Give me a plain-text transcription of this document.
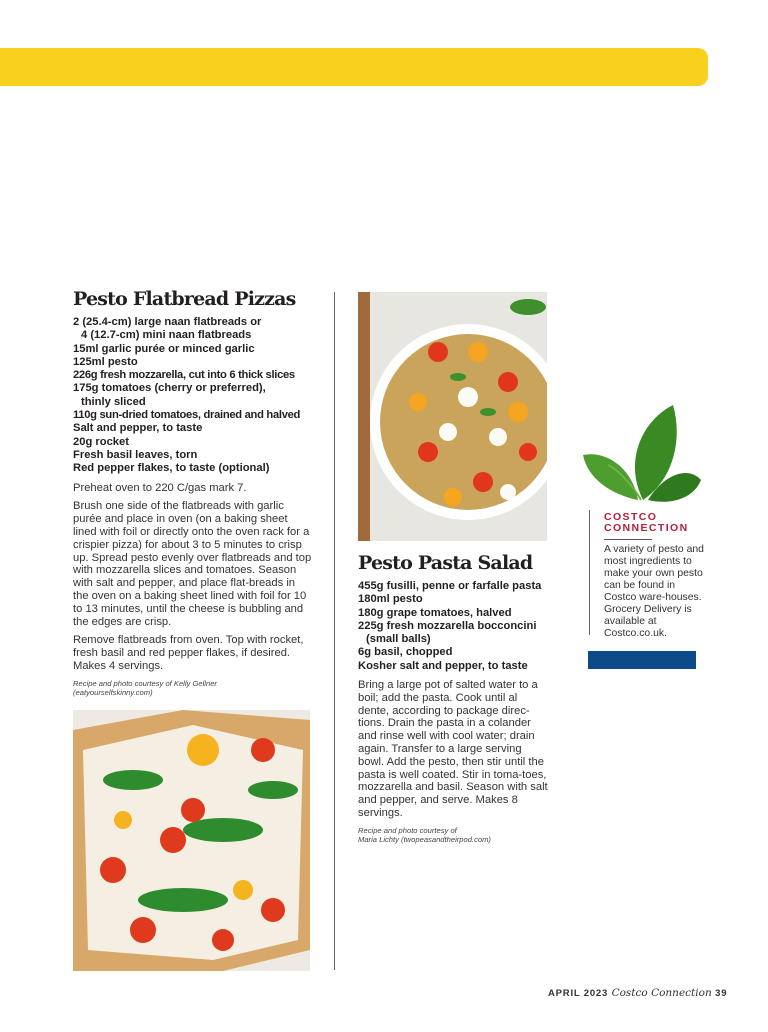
Pesto Flatbread Pizzas
2 (25.4-cm) large naan flatbreads or
4 (12.7-cm) mini naan flatbreads
15ml garlic purée or minced garlic
125ml pesto
226g fresh mozzarella, cut into 6 thick slices
175g tomatoes (cherry or preferred),
thinly sliced
110g sun-dried tomatoes, drained and halved
Salt and pepper, to taste
20g rocket
Fresh basil leaves, torn
Red pepper flakes, to taste (optional)

Preheat oven to 220 C/gas mark 7.

Brush one side of the flatbreads with garlic purée and place in oven (on a baking sheet lined with foil or directly onto the oven rack for a crispier pizza) for about 3 to 5 minutes to crisp up. Spread pesto evenly over flatbreads and top with mozzarella slices and tomatoes. Season with salt and pepper, and place flat-breads in the oven on a baking sheet lined with foil for 10 to 13 minutes, until the cheese is bubbling and the edges are crisp.

Remove flatbreads from oven. Top with rocket, fresh basil and red pepper flakes, if desired. Makes 4 servings.

Recipe and photo courtesy of Kelly Gellner
(eatyourselfskinny.com)
Pesto Pasta Salad
455g fusilli, penne or farfalle pasta
180ml pesto
180g grape tomatoes, halved
225g fresh mozzarella bocconcini
(small balls)
6g basil, chopped
Kosher salt and pepper, to taste

Bring a large pot of salted water to a boil; add the pasta. Cook until al dente, according to package direc-tions. Drain the pasta in a colander and rinse well with cool water; drain again. Transfer to a large serving bowl. Add the pesto, then stir until the pasta is well coated. Stir in toma-toes, mozzarella and basil. Season with salt and pepper, and serve. Makes 8 servings.

Recipe and photo courtesy of
Maria Lichty (twopeasandtheirpod.com)
COSTCO
CONNECTION
A variety of pesto and most ingredients to make your own pesto can be found in Costco ware-houses. Grocery Delivery is available at Costco.co.uk.
APRIL 2023 Costco Connection 39
